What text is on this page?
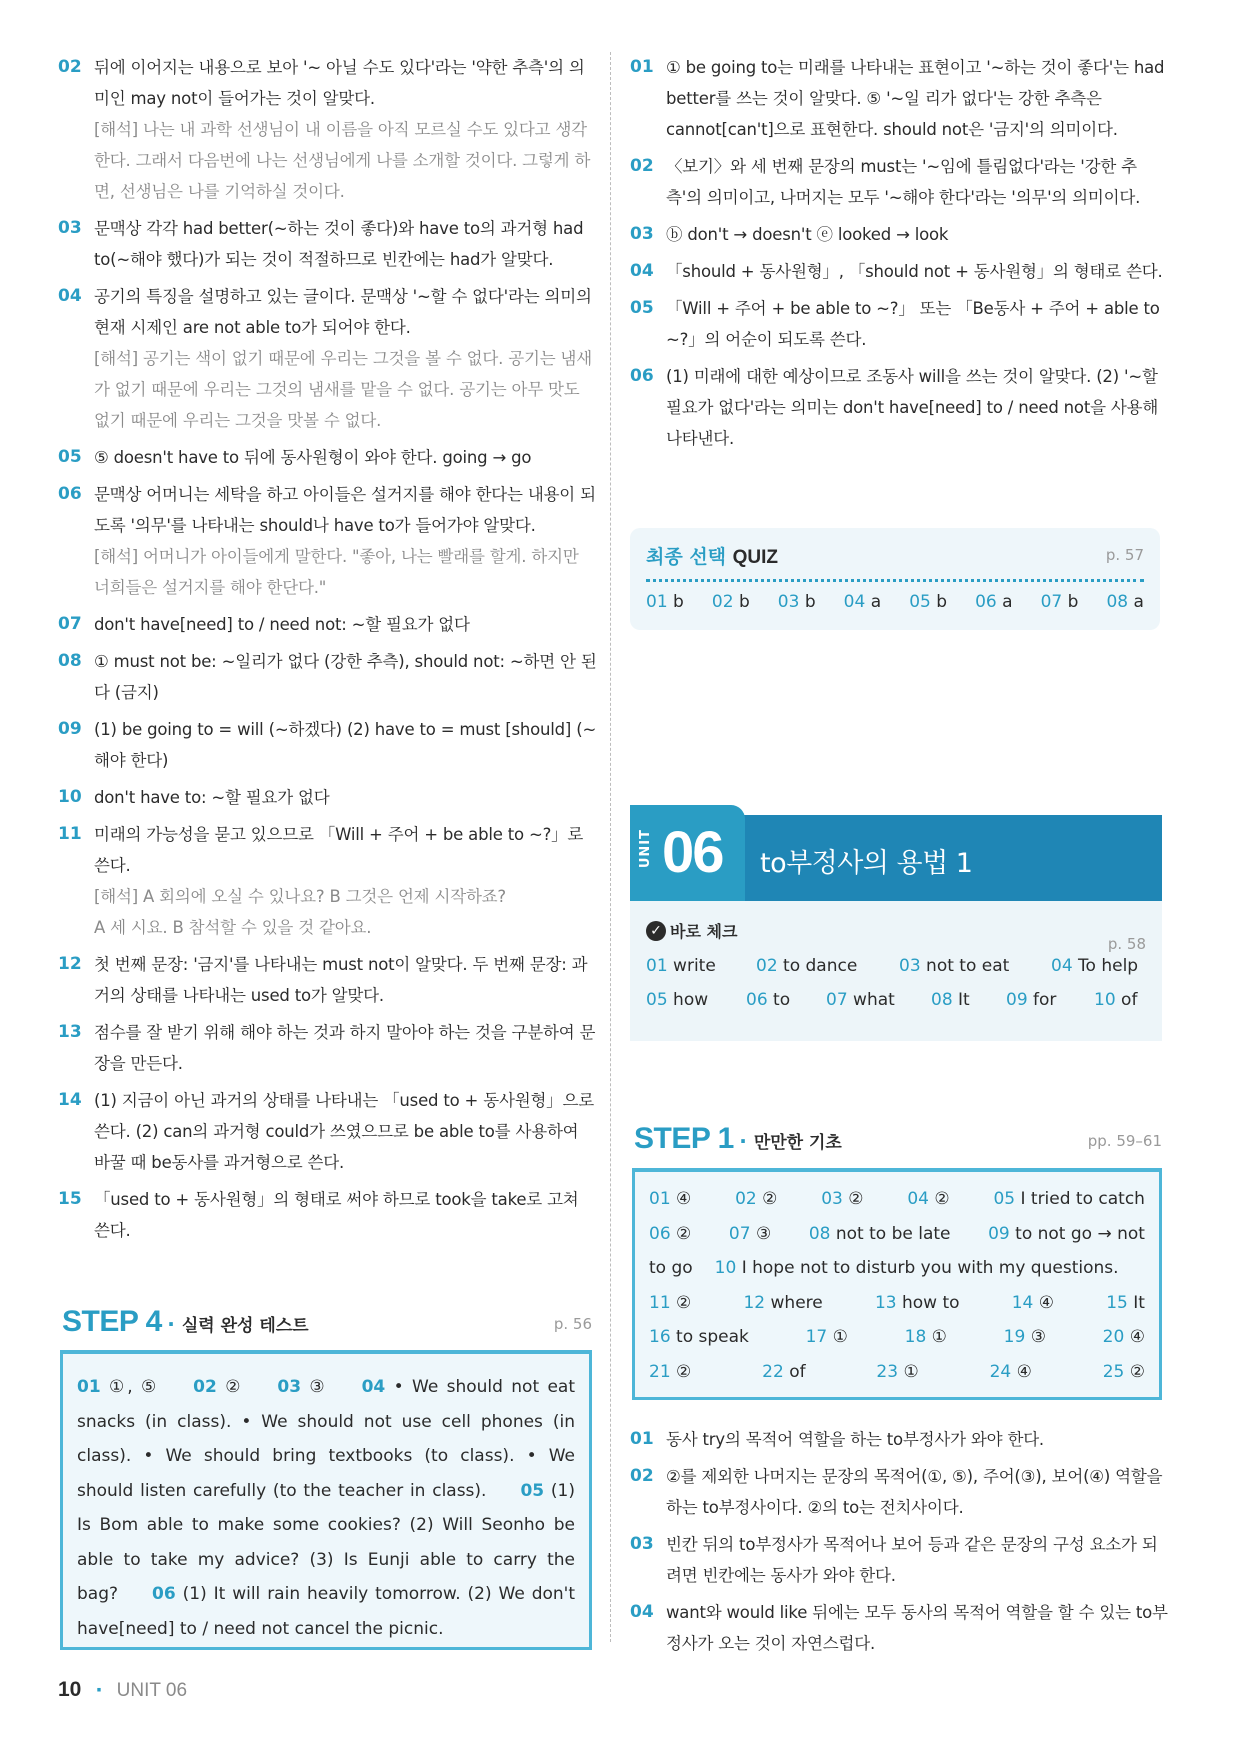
02 뒤에 이어지는 내용으로 보아 '~ 아닐 수도 있다'라는 '약한 추측'의 의미인 may not이 들어가는 것이 알맞다.
[해석] 나는 내 과학 선생님이 내 이름을 아직 모르실 수도 있다고 생각한다. 그래서 다음번에 나는 선생님에게 나를 소개할 것이다. 그렇게 하면, 선생님은 나를 기억하실 것이다.
03 문맥상 각각 had better(~하는 것이 좋다)와 have to의 과거형 had to(~해야 했다)가 되는 것이 적절하므로 빈칸에는 had가 알맞다.
04 공기의 특징을 설명하고 있는 글이다. 문맥상 '~할 수 없다'라는 의미의 현재 시제인 are not able to가 되어야 한다.
[해석] 공기는 색이 없기 때문에 우리는 그것을 볼 수 없다. 공기는 냄새가 없기 때문에 우리는 그것의 냄새를 맡을 수 없다. 공기는 아무 맛도 없기 때문에 우리는 그것을 맛볼 수 없다.
05 ⑤ doesn't have to 뒤에 동사원형이 와야 한다. going → go
06 문맥상 어머니는 세탁을 하고 아이들은 설거지를 해야 한다는 내용이 되도록 '의무'를 나타내는 should나 have to가 들어가야 알맞다.
[해석] 어머니가 아이들에게 말한다. "좋아, 나는 빨래를 할게. 하지만 너희들은 설거지를 해야 한단다."
07 don't have[need] to / need not: ~할 필요가 없다
08 ① must not be: ~일리가 없다 (강한 추측), should not: ~하면 안 된다 (금지)
09 (1) be going to = will (~하겠다) (2) have to = must [should] (~해야 한다)
10 don't have to: ~할 필요가 없다
11 미래의 가능성을 묻고 있으므로 「Will + 주어 + be able to ~?」로 쓴다.
[해석] A 회의에 오실 수 있나요? B 그것은 언제 시작하죠?
A 세 시요. B 참석할 수 있을 것 같아요.
12 첫 번째 문장: '금지'를 나타내는 must not이 알맞다. 두 번째 문장: 과거의 상태를 나타내는 used to가 알맞다.
13 점수를 잘 받기 위해 해야 하는 것과 하지 말아야 하는 것을 구분하여 문장을 만든다.
14 (1) 지금이 아닌 과거의 상태를 나타내는 「used to + 동사원형」으로 쓴다. (2) can의 과거형 could가 쓰였으므로 be able to를 사용하여 바꿀 때 be동사를 과거형으로 쓴다.
15 「used to + 동사원형」의 형태로 써야 하므로 took을 take로 고쳐 쓴다.
STEP 4 · 실력 완성 테스트	p. 56
01 ①, ⑤   02 ②   03 ③   04 • We should not eat snacks (in class). • We should not use cell phones (in class). • We should bring textbooks (to class). • We should listen carefully (to the teacher in class).   05 (1) Is Bom able to make some cookies? (2) Will Seonho be able to take my advice? (3) Is Eunji able to carry the bag?   06 (1) It will rain heavily tomorrow. (2) We don't have[need] to / need not cancel the picnic.  
01 ① be going to는 미래를 나타내는 표현이고 '~하는 것이 좋다'는 had better를 쓰는 것이 알맞다. ⑤ '~일 리가 없다'는 강한 추측은 cannot[can't]으로 표현한다. should not은 '금지'의 의미이다.
02 〈보기〉와 세 번째 문장의 must는 '~임에 틀림없다'라는 '강한 추측'의 의미이고, 나머지는 모두 '~해야 한다'라는 '의무'의 의미이다.
03 ⓑ don't → doesn't ⓔ looked → look
04 「should + 동사원형」, 「should not + 동사원형」의 형태로 쓴다.
05 「Will + 주어 + be able to ~?」 또는 「Be동사 + 주어 + able to ~?」의 어순이 되도록 쓴다.
06 (1) 미래에 대한 예상이므로 조동사 will을 쓰는 것이 알맞다. (2) '~할 필요가 없다'라는 의미는 don't have[need] to / need not을 사용해 나타낸다.
최종 선택 QUIZ	p. 57
01 b 02 b 03 b 04 a 05 b 06 a 07 b 08 a
UNIT 06 to부정사의 용법 1
✓ 바로 체크
p. 58
01 write	02 to dance	03 not to eat	04 To help
05 how	06 to	07 what	08 It	09 for	10 of
STEP 1 · 만만한 기초	pp. 59–61
01 ④	02 ②	03 ②	04 ②	05 I tried to catch
06 ② 07 ③ 08 not to be late 09 to not go → not
to go 10 I hope not to disturb you with my questions.
11 ②	12 where	13 how to	14 ④	15 It
16 to speak	17 ①	18 ①	19 ③	20 ④
21 ②	22 of	23 ①	24 ④	25 ②
01 동사 try의 목적어 역할을 하는 to부정사가 와야 한다.
02 ②를 제외한 나머지는 문장의 목적어(①, ⑤), 주어(③), 보어(④) 역할을 하는 to부정사이다. ②의 to는 전치사이다.
03 빈칸 뒤의 to부정사가 목적어나 보어 등과 같은 문장의 구성 요소가 되려면 빈칸에는 동사가 와야 한다.
04 want와 would like 뒤에는 모두 동사의 목적어 역할을 할 수 있는 to부정사가 오는 것이 자연스럽다.
10 · UNIT 06
